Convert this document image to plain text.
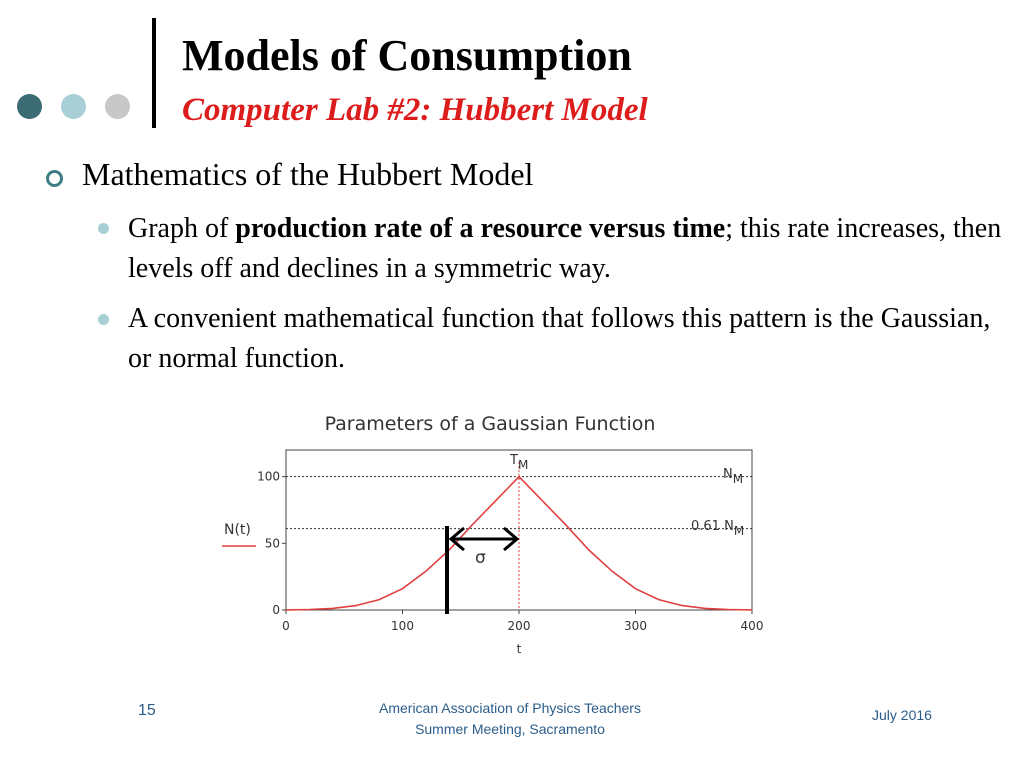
Models of Consumption
Computer Lab #2: Hubbert Model
Mathematics of the Hubbert Model
Graph of production rate of a resource versus time; this rate increases, then levels off and declines in a symmetric way.
A convenient mathematical function that follows this pattern is the Gaussian, or normal function.
Parameters of a Gaussian Function
0
50
100
0	100	200	300	400
t
N(t)
TM
NM
0.61 NM
σ
15	American Association of Physics Teachers
Summer Meeting, Sacramento
July 2016
